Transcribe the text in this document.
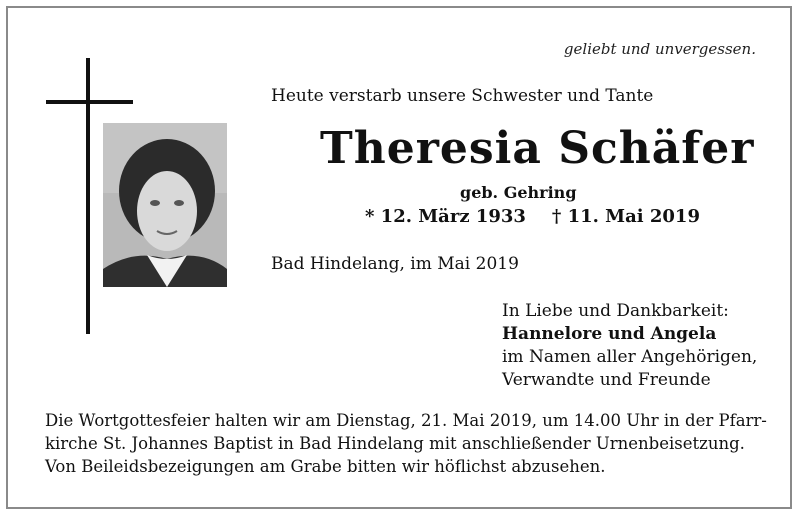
geliebt und unvergessen.
Heute verstarb unsere Schwester und Tante
Theresia Schäfer
geb. Gehring
* 12. März 1933 † 11. Mai 2019
Bad Hindelang, im Mai 2019
In Liebe und Dankbarkeit:
Hannelore und Angela
im Namen aller Angehörigen,
Verwandte und Freunde
Die Wortgottesfeier halten wir am Dienstag, 21. Mai 2019, um 14.00 Uhr in der Pfarr-
kirche St. Johannes Baptist in Bad Hindelang mit anschließender Urnenbeisetzung.
Von Beileidsbezeigungen am Grabe bitten wir höflichst abzusehen.
